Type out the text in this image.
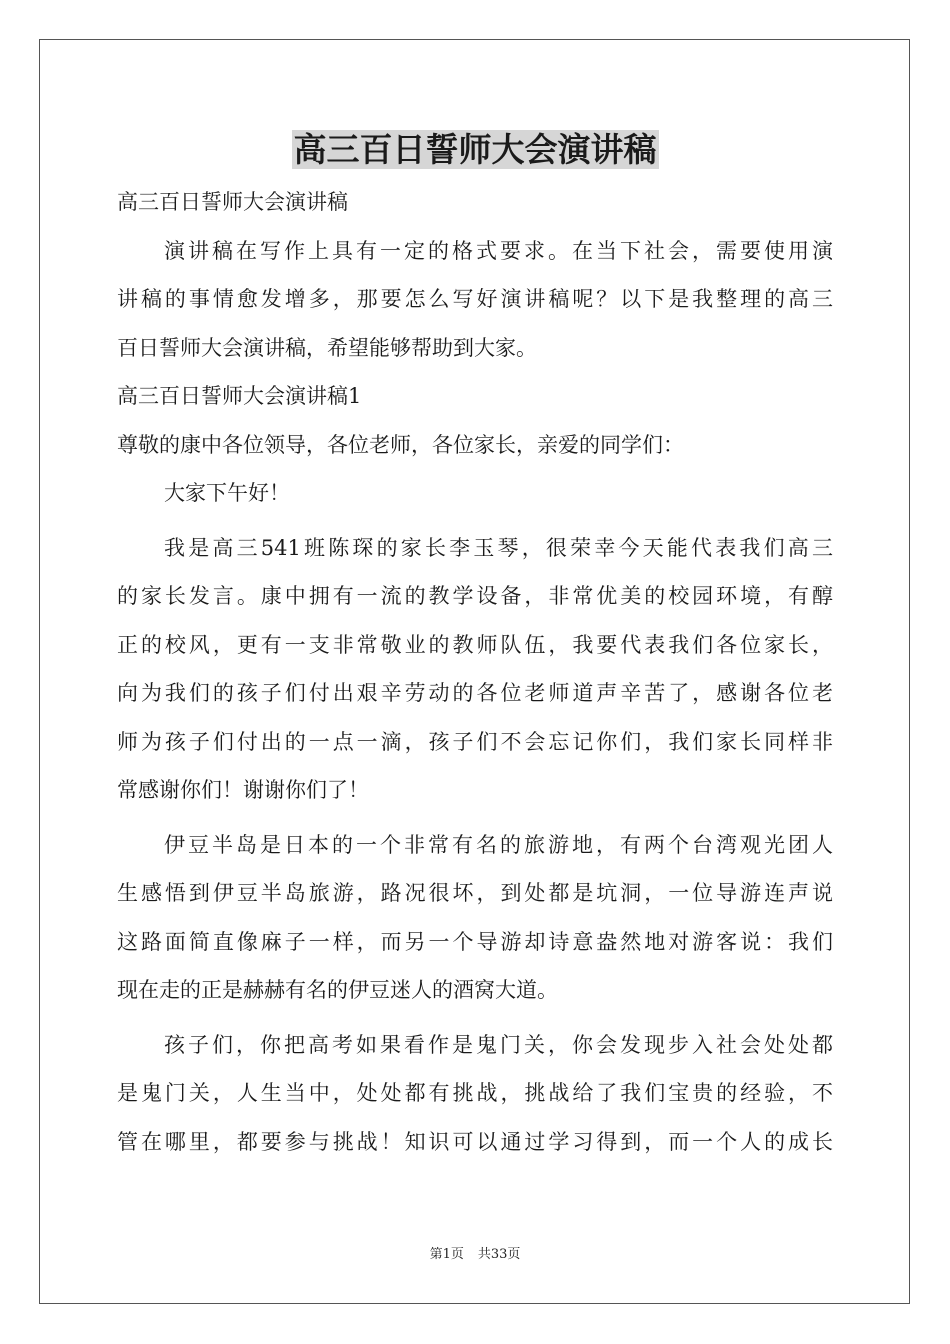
高三百日誓师大会演讲稿

高三百日誓师大会演讲稿

演讲稿在写作上具有一定的格式要求。在当下社会，需要使用演

讲稿的事情愈发增多，那要怎么写好演讲稿呢？以下是我整理的高三

百日誓师大会演讲稿，希望能够帮助到大家。

高三百日誓师大会演讲稿1

尊敬的康中各位领导，各位老师，各位家长，亲爱的同学们：

大家下午好！

我是高三541班陈琛的家长李玉琴，很荣幸今天能代表我们高三

的家长发言。康中拥有一流的教学设备，非常优美的校园环境，有醇

正的校风，更有一支非常敬业的教师队伍，我要代表我们各位家长，

向为我们的孩子们付出艰辛劳动的各位老师道声辛苦了，感谢各位老

师为孩子们付出的一点一滴，孩子们不会忘记你们，我们家长同样非

常感谢你们！谢谢你们了！

伊豆半岛是日本的一个非常有名的旅游地，有两个台湾观光团人

生感悟到伊豆半岛旅游，路况很坏，到处都是坑洞，一位导游连声说

这路面简直像麻子一样，而另一个导游却诗意盎然地对游客说：我们

现在走的正是赫赫有名的伊豆迷人的酒窝大道。

孩子们，你把高考如果看作是鬼门关，你会发现步入社会处处都

是鬼门关，人生当中，处处都有挑战，挑战给了我们宝贵的经验，不

管在哪里，都要参与挑战！知识可以通过学习得到，而一个人的成长

第1页 共33页
